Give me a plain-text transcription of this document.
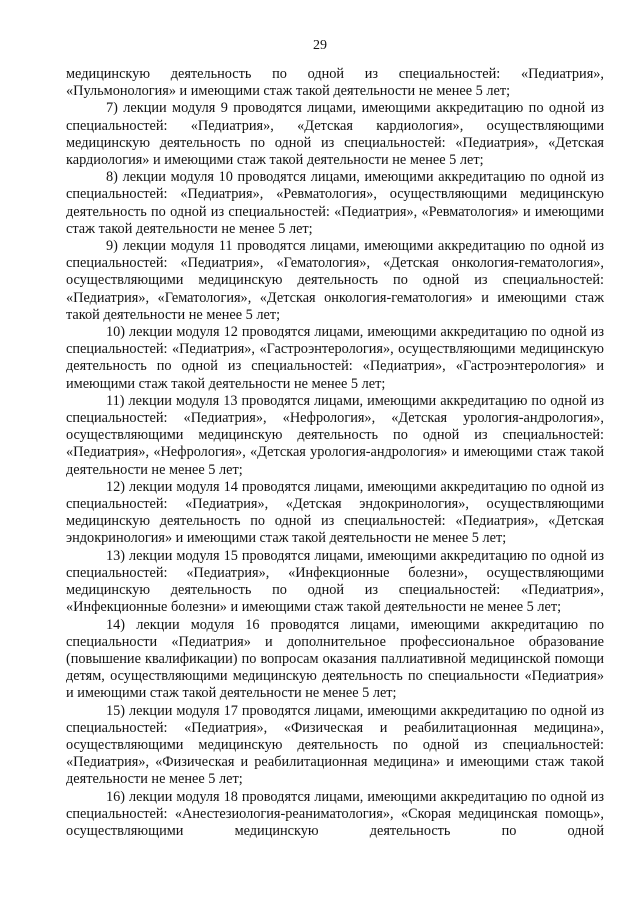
29

медицинскую деятельность по одной из специальностей: «Педиатрия», «Пульмонология» и имеющими стаж такой деятельности не менее 5 лет;

7) лекции модуля 9 проводятся лицами, имеющими аккредитацию по одной из специальностей: «Педиатрия», «Детская кардиология», осуществляющими медицинскую деятельность по одной из специальностей: «Педиатрия», «Детская кардиология» и имеющими стаж такой деятельности не менее 5 лет;

8) лекции модуля 10 проводятся лицами, имеющими аккредитацию по одной из специальностей: «Педиатрия», «Ревматология», осуществляющими медицинскую деятельность по одной из специальностей: «Педиатрия», «Ревматология» и имеющими стаж такой деятельности не менее 5 лет;

9) лекции модуля 11 проводятся лицами, имеющими аккредитацию по одной из специальностей: «Педиатрия», «Гематология», «Детская онкология-гематология», осуществляющими медицинскую деятельность по одной из специальностей: «Педиатрия», «Гематология», «Детская онкология-гематология» и имеющими стаж такой деятельности не менее 5 лет;

10) лекции модуля 12 проводятся лицами, имеющими аккредитацию по одной из специальностей: «Педиатрия», «Гастроэнтерология», осуществляющими медицинскую деятельность по одной из специальностей: «Педиатрия», «Гастроэнтерология» и имеющими стаж такой деятельности не менее 5 лет;

11) лекции модуля 13 проводятся лицами, имеющими аккредитацию по одной из специальностей: «Педиатрия», «Нефрология», «Детская урология-андрология», осуществляющими медицинскую деятельность по одной из специальностей: «Педиатрия», «Нефрология», «Детская урология-андрология» и имеющими стаж такой деятельности не менее 5 лет;

12) лекции модуля 14 проводятся лицами, имеющими аккредитацию по одной из специальностей: «Педиатрия», «Детская эндокринология», осуществляющими медицинскую деятельность по одной из специальностей: «Педиатрия», «Детская эндокринология» и имеющими стаж такой деятельности не менее 5 лет;

13) лекции модуля 15 проводятся лицами, имеющими аккредитацию по одной из специальностей: «Педиатрия», «Инфекционные болезни», осуществляющими медицинскую деятельность по одной из специальностей: «Педиатрия», «Инфекционные болезни» и имеющими стаж такой деятельности не менее 5 лет;

14) лекции модуля 16 проводятся лицами, имеющими аккредитацию по специальности «Педиатрия» и дополнительное профессиональное образование (повышение квалификации) по вопросам оказания паллиативной медицинской помощи детям, осуществляющими медицинскую деятельность по специальности «Педиатрия» и имеющими стаж такой деятельности не менее 5 лет;

15) лекции модуля 17 проводятся лицами, имеющими аккредитацию по одной из специальностей: «Педиатрия», «Физическая и реабилитационная медицина», осуществляющими медицинскую деятельность по одной из специальностей: «Педиатрия», «Физическая и реабилитационная медицина» и имеющими стаж такой деятельности не менее 5 лет;

16) лекции модуля 18 проводятся лицами, имеющими аккредитацию по одной из специальностей: «Анестезиология-реаниматология», «Скорая медицинская помощь», осуществляющими медицинскую деятельность по одной
